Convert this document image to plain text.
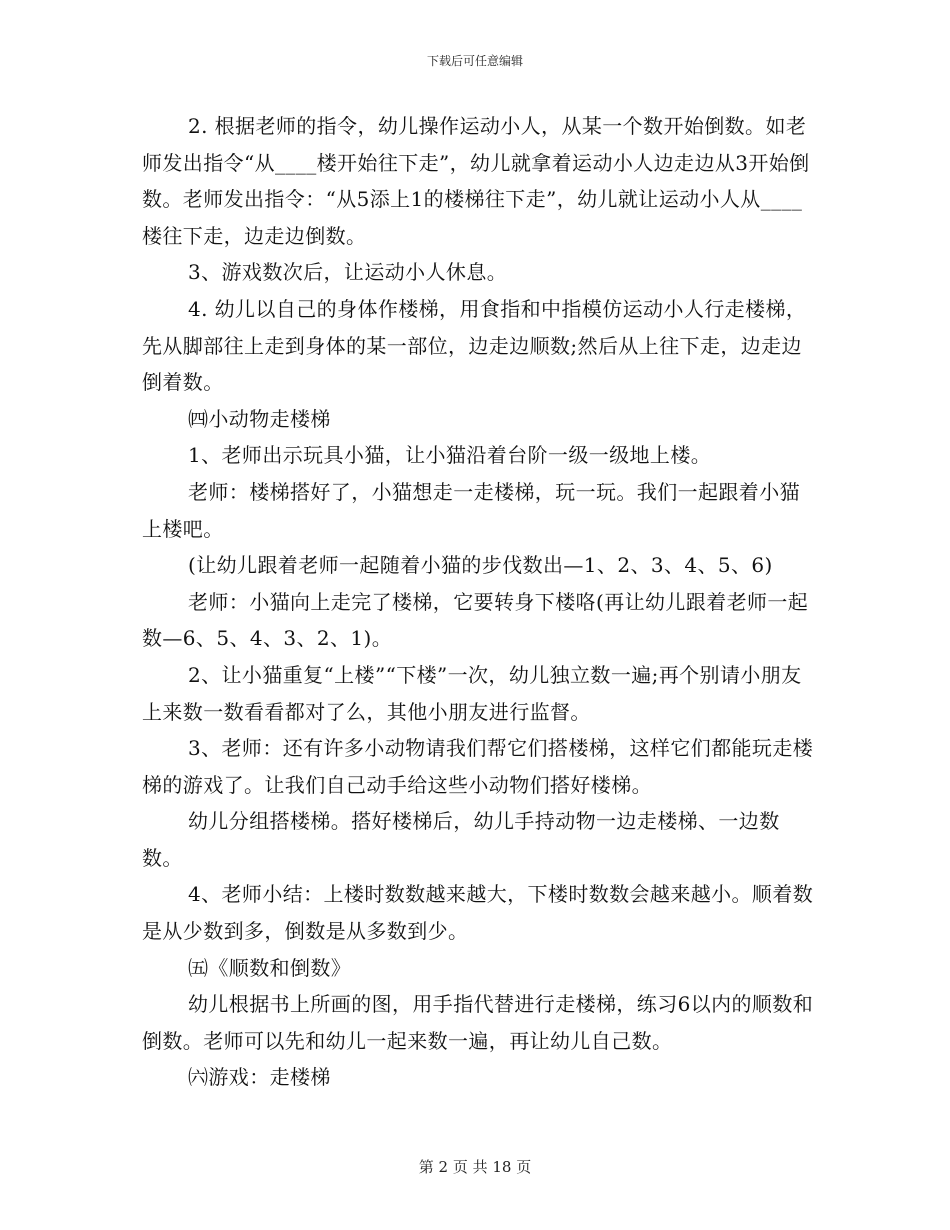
下载后可任意编辑

2. 根据老师的指令，幼儿操作运动小人，从某一个数开始倒数。如老师发出指令“从____楼开始往下走”，幼儿就拿着运动小人边走边从3开始倒数。老师发出指令：“从5添上1的楼梯往下走”，幼儿就让运动小人从____楼往下走，边走边倒数。

3、游戏数次后，让运动小人休息。

4. 幼儿以自己的身体作楼梯，用食指和中指模仿运动小人行走楼梯，先从脚部往上走到身体的某一部位，边走边顺数;然后从上往下走，边走边倒着数。

㈣小动物走楼梯

1、老师出示玩具小猫，让小猫沿着台阶一级一级地上楼。

老师：楼梯搭好了，小猫想走一走楼梯，玩一玩。我们一起跟着小猫上楼吧。

(让幼儿跟着老师一起随着小猫的步伐数出—1、2、3、4、5、6)

老师：小猫向上走完了楼梯，它要转身下楼咯(再让幼儿跟着老师一起数—6、5、4、3、2、1)。

2、让小猫重复“上楼”“下楼”一次，幼儿独立数一遍;再个别请小朋友上来数一数看看都对了么，其他小朋友进行监督。

3、老师：还有许多小动物请我们帮它们搭楼梯，这样它们都能玩走楼梯的游戏了。让我们自己动手给这些小动物们搭好楼梯。

幼儿分组搭楼梯。搭好楼梯后，幼儿手持动物一边走楼梯、一边数数。

4、老师小结：上楼时数数越来越大，下楼时数数会越来越小。顺着数是从少数到多，倒数是从多数到少。

㈤《顺数和倒数》

幼儿根据书上所画的图，用手指代替进行走楼梯，练习6以内的顺数和倒数。老师可以先和幼儿一起来数一遍，再让幼儿自己数。

㈥游戏：走楼梯

第 2 页 共 18 页
